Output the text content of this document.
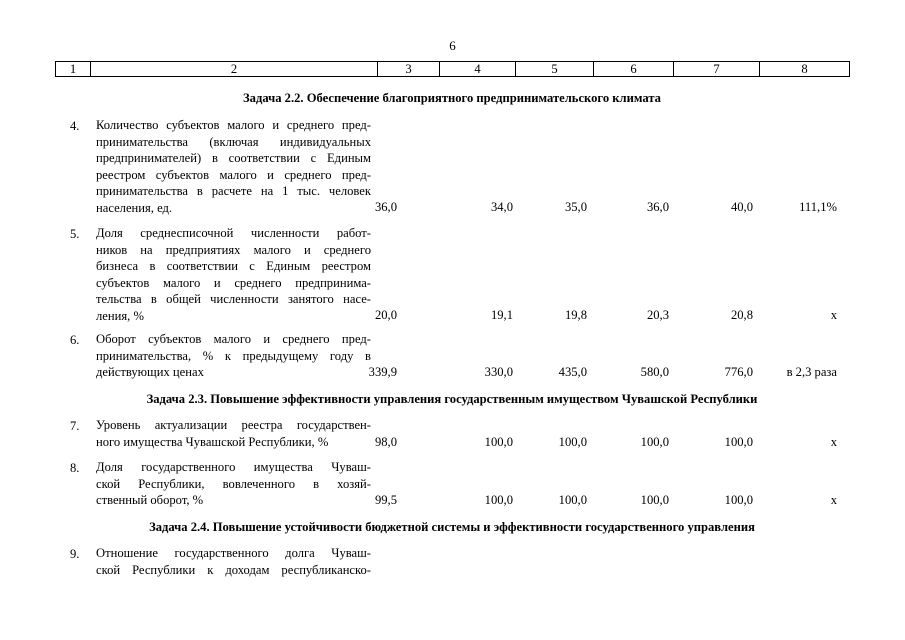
6
1	2	3	4	5	6	7	8
Задача 2.2. Обеспечение благоприятного предпринимательского климата
4. Количество субъектов малого и среднего пред-
принимательства (включая индивидуальных
предпринимателей) в соответствии с Единым
реестром субъектов малого и среднего пред-
принимательства в расчете на 1 тыс. человек
населения, ед.	36,0	34,0	35,0	36,0	40,0	111,1%
5. Доля среднесписочной численности работ-
ников на предприятиях малого и среднего
бизнеса в соответствии с Единым реестром
субъектов малого и среднего предпринима-
тельства в общей численности занятого насе-
ления, %	20,0	19,1	19,8	20,3	20,8	x
6. Оборот субъектов малого и среднего пред-
принимательства, % к предыдущему году в
действующих ценах	339,9	330,0	435,0	580,0	776,0	в 2,3 раза
Задача 2.3. Повышение эффективности управления государственным имуществом Чувашской Республики
7. Уровень актуализации реестра государствен-
ного имущества Чувашской Республики, %	98,0	100,0	100,0	100,0	100,0	x
8. Доля государственного имущества Чуваш-
ской Республики, вовлеченного в хозяй-
ственный оборот, %	99,5	100,0	100,0	100,0	100,0	x
Задача 2.4. Повышение устойчивости бюджетной системы и эффективности государственного управления
9. Отношение государственного долга Чуваш-
ской Республики к доходам республиканско-
